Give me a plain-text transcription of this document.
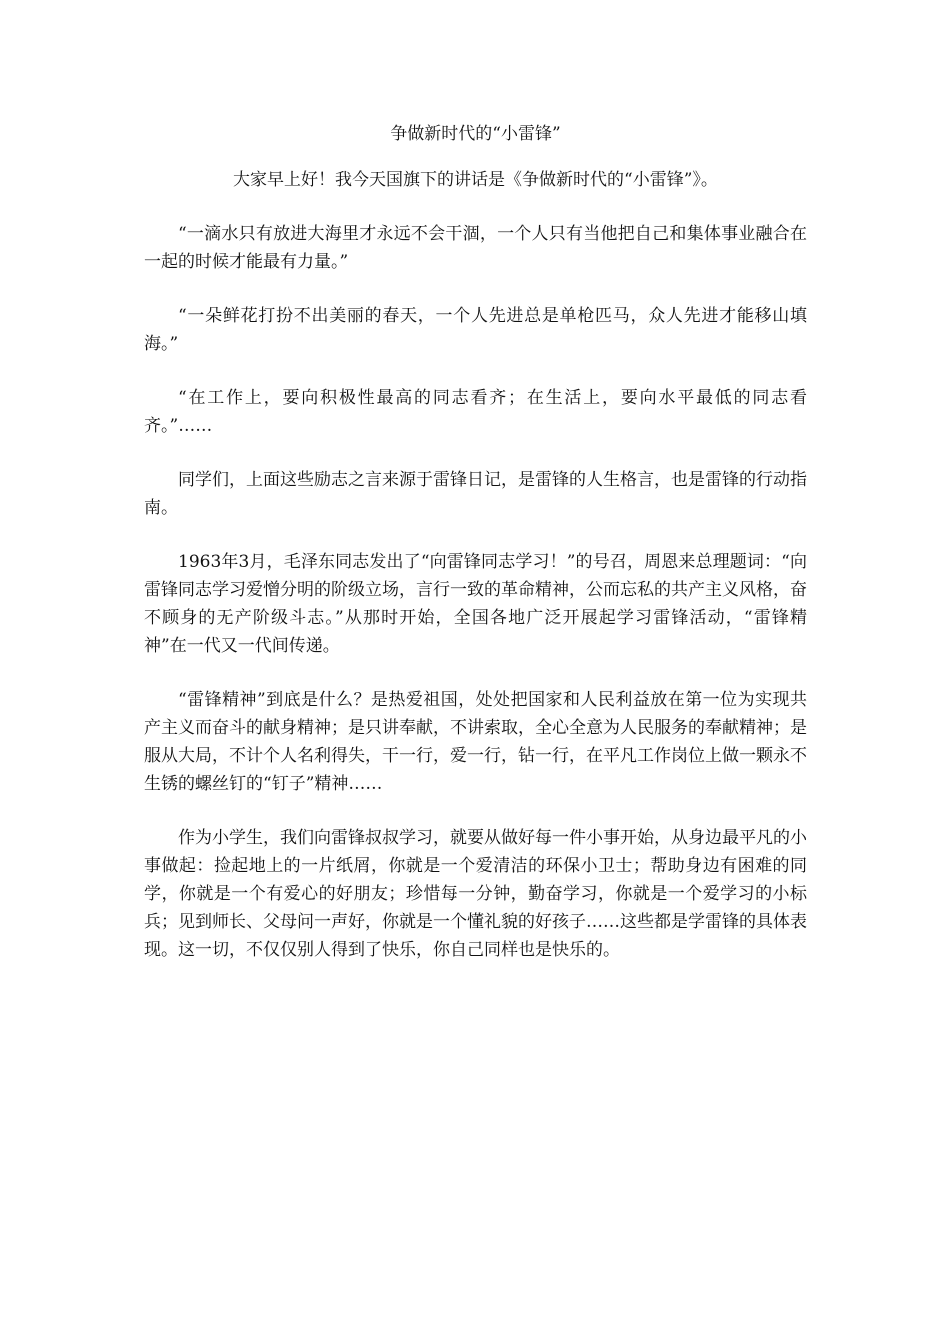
争做新时代的“小雷锋”

大家早上好！我今天国旗下的讲话是《争做新时代的“小雷锋”》。

“一滴水只有放进大海里才永远不会干涸，一个人只有当他把自己和集体事业融合在一起的时候才能最有力量。”

“一朵鲜花打扮不出美丽的春天，一个人先进总是单枪匹马，众人先进才能移山填海。”

“在工作上，要向积极性最高的同志看齐；在生活上，要向水平最低的同志看齐。”……

同学们，上面这些励志之言来源于雷锋日记，是雷锋的人生格言，也是雷锋的行动指南。

1963年3月，毛泽东同志发出了“向雷锋同志学习！”的号召，周恩来总理题词：“向雷锋同志学习爱憎分明的阶级立场，言行一致的革命精神，公而忘私的共产主义风格，奋不顾身的无产阶级斗志。”从那时开始，全国各地广泛开展起学习雷锋活动，“雷锋精神”在一代又一代间传递。

“雷锋精神”到底是什么？是热爱祖国，处处把国家和人民利益放在第一位为实现共产主义而奋斗的献身精神；是只讲奉献，不讲索取，全心全意为人民服务的奉献精神；是服从大局，不计个人名利得失，干一行，爱一行，钻一行，在平凡工作岗位上做一颗永不生锈的螺丝钉的“钉子”精神……

作为小学生，我们向雷锋叔叔学习，就要从做好每一件小事开始，从身边最平凡的小事做起：捡起地上的一片纸屑，你就是一个爱清洁的环保小卫士；帮助身边有困难的同学，你就是一个有爱心的好朋友；珍惜每一分钟，勤奋学习，你就是一个爱学习的小标兵；见到师长、父母问一声好，你就是一个懂礼貌的好孩子……这些都是学雷锋的具体表现。这一切，不仅仅别人得到了快乐，你自己同样也是快乐的。
